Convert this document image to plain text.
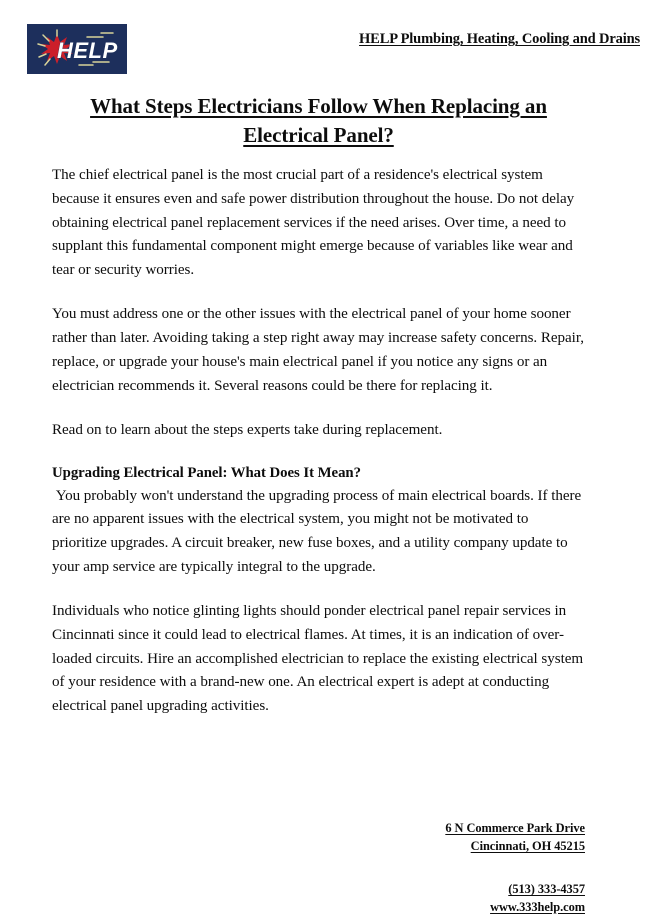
HELP	HELP Plumbing, Heating, Cooling and Drains
What Steps Electricians Follow When Replacing an
Electrical Panel?

The chief electrical panel is the most crucial part of a residence's electrical system because it ensures even and safe power distribution throughout the house. Do not delay obtaining electrical panel replacement services if the need arises. Over time, a need to supplant this fundamental component might emerge because of variables like wear and tear or security worries.

You must address one or the other issues with the electrical panel of your home sooner rather than later. Avoiding taking a step right away may increase safety concerns. Repair, replace, or upgrade your house's main electrical panel if you notice any signs or an electrician recommends it. Several reasons could be there for replacing it.

Read on to learn about the steps experts take during replacement.

Upgrading Electrical Panel: What Does It Mean?

You probably won't understand the upgrading process of main electrical boards. If there are no apparent issues with the electrical system, you might not be motivated to prioritize upgrades. A circuit breaker, new fuse boxes, and a utility company update to your amp service are typically integral to the upgrade.

Individuals who notice glinting lights should ponder electrical panel repair services in Cincinnati since it could lead to electrical flames. At times, it is an indication of over-loaded circuits. Hire an accomplished electrician to replace the existing electrical system of your residence with a brand-new one. An electrical expert is adept at conducting electrical panel upgrading activities.

6 N Commerce Park Drive
Cincinnati, OH 45215
(513) 333-4357
www.333help.com
